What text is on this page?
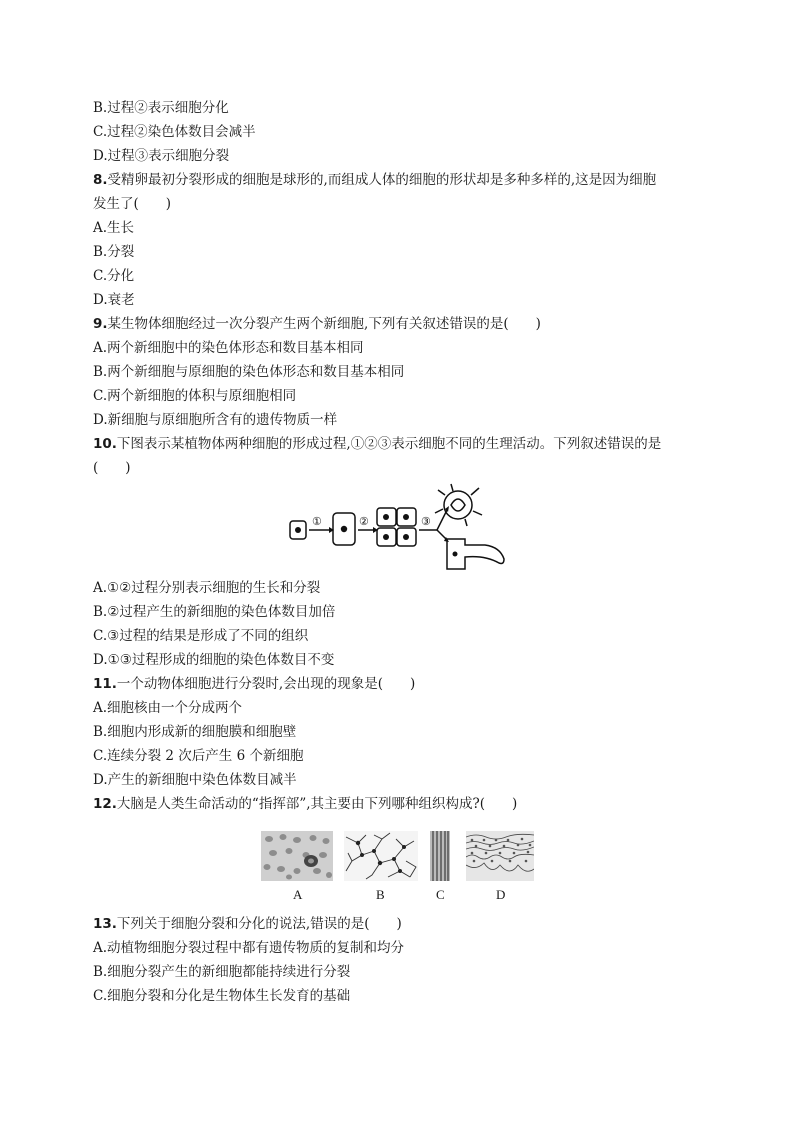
B.过程②表示细胞分化
C.过程②染色体数目会减半
D.过程③表示细胞分裂
8.受精卵最初分裂形成的细胞是球形的,而组成人体的细胞的形状却是多种多样的,这是因为细胞
发生了(　　)
A.生长
B.分裂
C.分化
D.衰老
9.某生物体细胞经过一次分裂产生两个新细胞,下列有关叙述错误的是(　　)
A.两个新细胞中的染色体形态和数目基本相同
B.两个新细胞与原细胞的染色体形态和数目基本相同
C.两个新细胞的体积与原细胞相同
D.新细胞与原细胞所含有的遗传物质一样
10.下图表示某植物体两种细胞的形成过程,①②③表示细胞不同的生理活动。下列叙述错误的是
(　　)
①	②	③
A.①②过程分别表示细胞的生长和分裂
B.②过程产生的新细胞的染色体数目加倍
C.③过程的结果是形成了不同的组织
D.①③过程形成的细胞的染色体数目不变
11.一个动物体细胞进行分裂时,会出现的现象是(　　)
A.细胞核由一个分成两个
B.细胞内形成新的细胞膜和细胞壁
C.连续分裂 2 次后产生 6 个新细胞
D.产生的新细胞中染色体数目减半
12.大脑是人类生命活动的“指挥部”,其主要由下列哪种组织构成?(　　)
A	B	C	D
13.下列关于细胞分裂和分化的说法,错误的是(　　)
A.动植物细胞分裂过程中都有遗传物质的复制和均分
B.细胞分裂产生的新细胞都能持续进行分裂
C.细胞分裂和分化是生物体生长发育的基础
